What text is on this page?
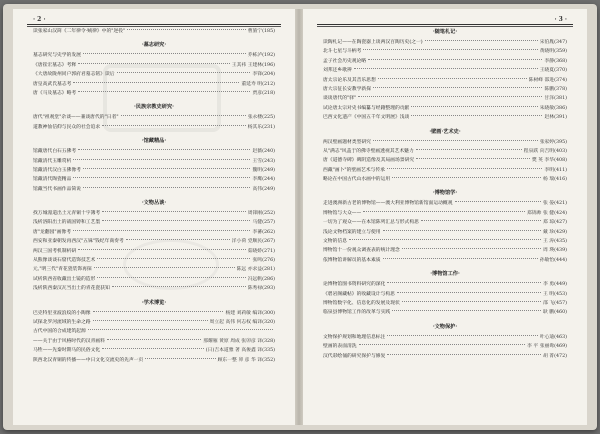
· 2 ·
读张家山汉简《二年律令·贼律》中的"逆役"	曹旅宁 (185)
·墓志研究·
墓志研究与史学的发展	乔栋泸 (192)
《唐崔宏墓志》考释	王其祎 王建林 (196)
《大唐故陇州同户郭府君墓志铭》读后	李锋 (204)
唐皇高武氏墓志考	董延寿 明 (212)
唐《马及墓志》略考	贾彦 (218)
·民族宗教史研究·
唐代"祖观堂"杂谈——兼谈唐代的"日者"	张永楼 (225)
道教神仙信仰与民众的社会追求	杨其乐 (231)
·馆藏精品·
馆藏唐代白石五佛考	赵薇 (240)
馆藏清代玉雕赏析	王雪 (243)
馆藏清代汉白玉佛像考	魏明 (249)
馆藏清代陶瓷精品	李鹰 (244)
馆藏当代书画作品简说	高伟 (249)
·文物丛谈·
找万城漫道出土元青铜十字簿考	周锋刚 (252)
浅析洛阳出土的战国铸和工艺墨	马健 (257)
唐"龙翻园"画像考	李蕃 (262)
西安和亚秦朝发再西汉"五铢"钱纪年商奏考	洋小荷 党顺民 (267)
两汉三国考机制析研	茹晓娇 (271)
从熊像谈谈石窟代造饰技艺术	张鸣 (276)
元,"明三代"青花瓷装饰再探	陈远 亦求益 (281)
试析陕西省收藏出土镜的造形	冯远帆 (286)
浅析陕西秦汉瓦当出土的青花瓷获知	陈秀禄 (293)
·学术博览·
巴克特里亚波浪纹的小陶像	杨建 刘莉敏 编译 (300)
试探北罗河流域的生命之路	周立起 高伟 何志权 编译 (320)
古代中国的合成建筑起源
——关于由于风格时代的汉青画料	那耀雁 黄原 周成 张卯彦 译 (328)
马牲——先秦时期马的民俗文化	(日)吉本道雅 著 高俊鑫 译 (335)
陕西北汉青铜的传播——中日文化交流史的先声一页	顾东一整 卯 彦 华 译 (352)
· 3 ·
·随笔札记·
读陶札记——在陶瓷器上谈两汉百陶历史(之一)	宋伯胤 (347)
北斗七星与斗柄考	黄晓明 (359)
孟子社会历史观论略	李静 (368)
刘邦还乡歌辨	王晓夏 (370)
唐太宗论乐及其音乐思想	陈树峰 邵进 (374)
唐大宗征长安教学新探	陈鹏 (378)
谈谈唐代的"驿"	甘泽 (381)
试论唐太宗对史书编纂与经籍整理的贡献	朱晓敏 (386)
巴西文化遗产《中国五千年文明展》浅谈	赵林 (391)
·壁画·艺术史·
两汉壁画题材类型研究	张家婷 (395)
从"满志"风盖于的佛寺壁画透视其艺术魅力	程泉跃 向吉明 (403)
唐《道德寺碑》碑阴造像及其局画场景研究	樊 英 李华 (408)
西藏"画卜"的壁画艺术与传承	李明 (411)
略论在中国古代山水画中的运用	杨 瑞 (416)
·博物馆学·
走进澳洲新古老的博物馆——澳大利亚博物馆新馆面运动概观	张 晏 (421)
博物馆与大众——	郑锦帅 张 健 (424)
一切为了观众——在本馆陈列汇总与形式构思	郑 琼 (427)
浅论文物档案的建立与使用	戴 珍 (429)
文物的信息	王 涛 (435)
博物馆十一份观众调查表的统计理念	周 瑛 (439)
依博物馆讲解员的基本素质	孙敏怡 (444)
·博物馆工作·
论博物馆图书资料研究的深化	李 勇 (449)
《碧岩阁藏帖》的收藏设计与构思	王 明 (453)
博物馆数字化、信息化的发展及现状	邵 飞 (457)
临泉县博物馆工作的改革与实践	耿 鹏 (460)
·文物保护·
文物保护规划和地理信息标注	叶心迪 (463)
壁画的表面清洗	李 平 张丽鸯 (469)
汉代彩绘俑的研究保护与修复	胡 菁 (472)
